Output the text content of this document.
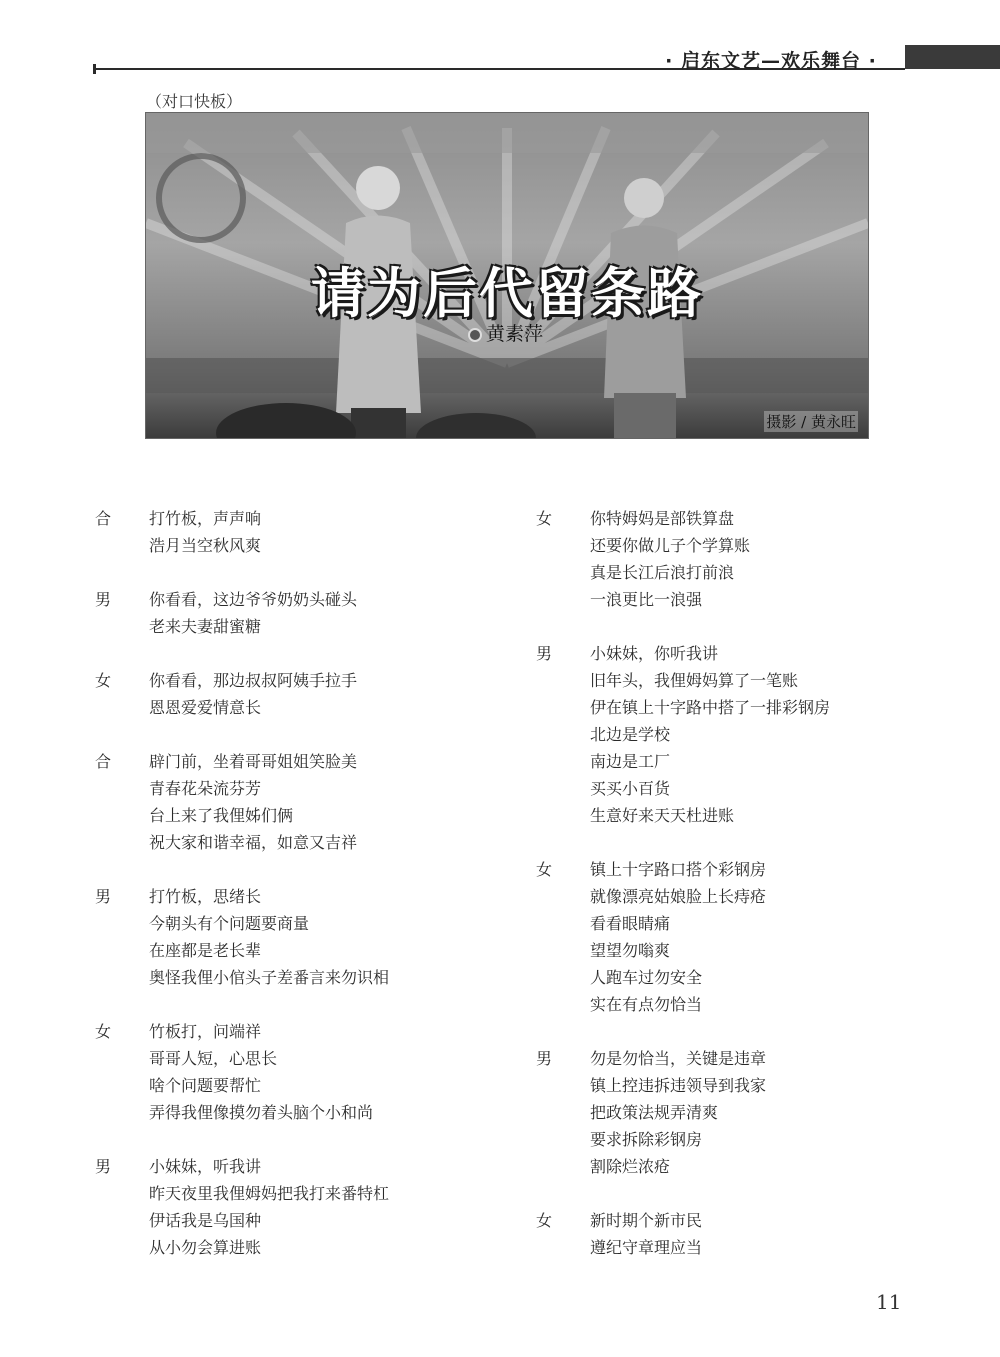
· 启东文艺—欢乐舞台 ·
（对口快板）
请为后代留条路
黄素萍
摄影 / 黄永旺
合 打竹板，声声响
浩月当空秋风爽
男 你看看，这边爷爷奶奶头碰头
老来夫妻甜蜜糖
女 你看看，那边叔叔阿姨手拉手
恩恩爱爱情意长
合 辟门前，坐着哥哥姐姐笑脸美
青春花朵流芬芳
台上来了我俚姊们俩
祝大家和谐幸福，如意又吉祥
男 打竹板，思绪长
今朝头有个问题要商量
在座都是老长辈
奥怪我俚小倌头子差番言来勿识相
女 竹板打，问端祥
哥哥人短，心思长
啥个问题要帮忙
弄得我俚像摸勿着头脑个小和尚
男 小妹妹，听我讲
昨天夜里我俚姆妈把我打来番特杠
伊话我是乌国种
从小勿会算进账
女 你特姆妈是部铁算盘
还要你做儿子个学算账
真是长江后浪打前浪
一浪更比一浪强
男 小妹妹，你听我讲
旧年头，我俚姆妈算了一笔账
伊在镇上十字路中搭了一排彩钢房
北边是学校
南边是工厂
买买小百货
生意好来天天杜进账
女 镇上十字路口搭个彩钢房
就像漂亮姑娘脸上长痔疮
看看眼睛痛
望望勿嗡爽
人跑车过勿安全
实在有点勿恰当
男 勿是勿恰当，关键是违章
镇上控违拆违领导到我家
把政策法规弄清爽
要求拆除彩钢房
割除烂浓疮
女 新时期个新市民
遵纪守章理应当
11
